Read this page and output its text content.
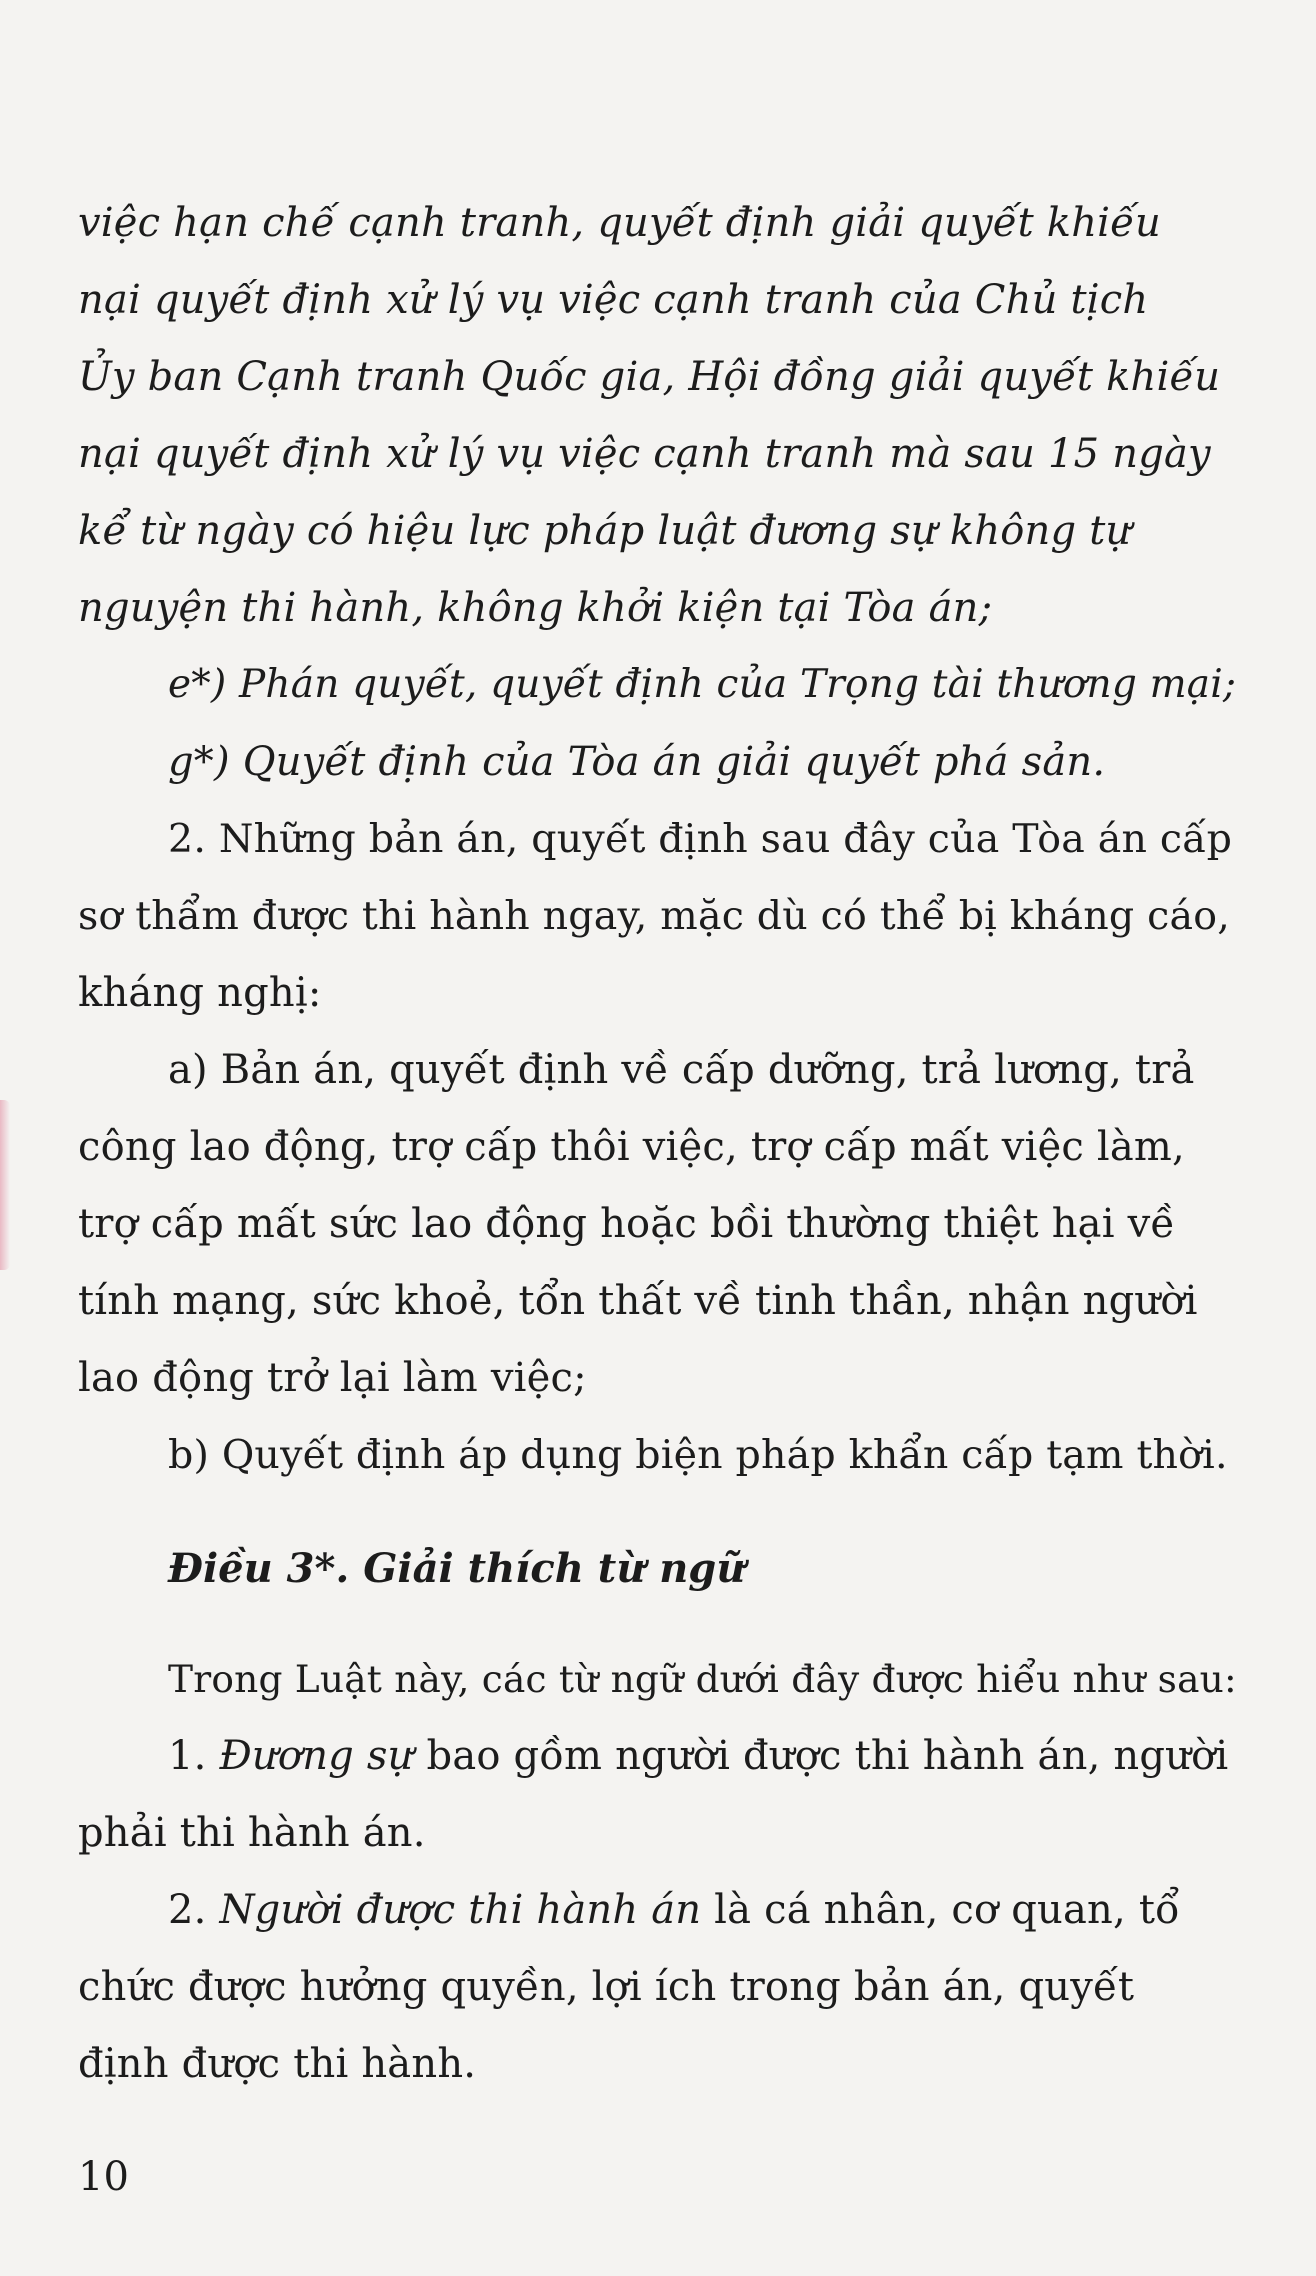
việc hạn chế cạnh tranh, quyết định giải quyết khiếu
nại quyết định xử lý vụ việc cạnh tranh của Chủ tịch
Ủy ban Cạnh tranh Quốc gia, Hội đồng giải quyết khiếu
nại quyết định xử lý vụ việc cạnh tranh mà sau 15 ngày
kể từ ngày có hiệu lực pháp luật đương sự không tự
nguyện thi hành, không khởi kiện tại Tòa án;
e*) Phán quyết, quyết định của Trọng tài thương mại;
g*) Quyết định của Tòa án giải quyết phá sản.
2. Những bản án, quyết định sau đây của Tòa án cấp
sơ thẩm được thi hành ngay, mặc dù có thể bị kháng cáo,
kháng nghị:
a) Bản án, quyết định về cấp dưỡng, trả lương, trả
công lao động, trợ cấp thôi việc, trợ cấp mất việc làm,
trợ cấp mất sức lao động hoặc bồi thường thiệt hại về
tính mạng, sức khoẻ, tổn thất về tinh thần, nhận người
lao động trở lại làm việc;
b) Quyết định áp dụng biện pháp khẩn cấp tạm thời.
Điều 3*. Giải thích từ ngữ
Trong Luật này, các từ ngữ dưới đây được hiểu như sau:
1. Đương sự bao gồm người được thi hành án, người
phải thi hành án.
2. Người được thi hành án là cá nhân, cơ quan, tổ
chức được hưởng quyền, lợi ích trong bản án, quyết
định được thi hành.
10
